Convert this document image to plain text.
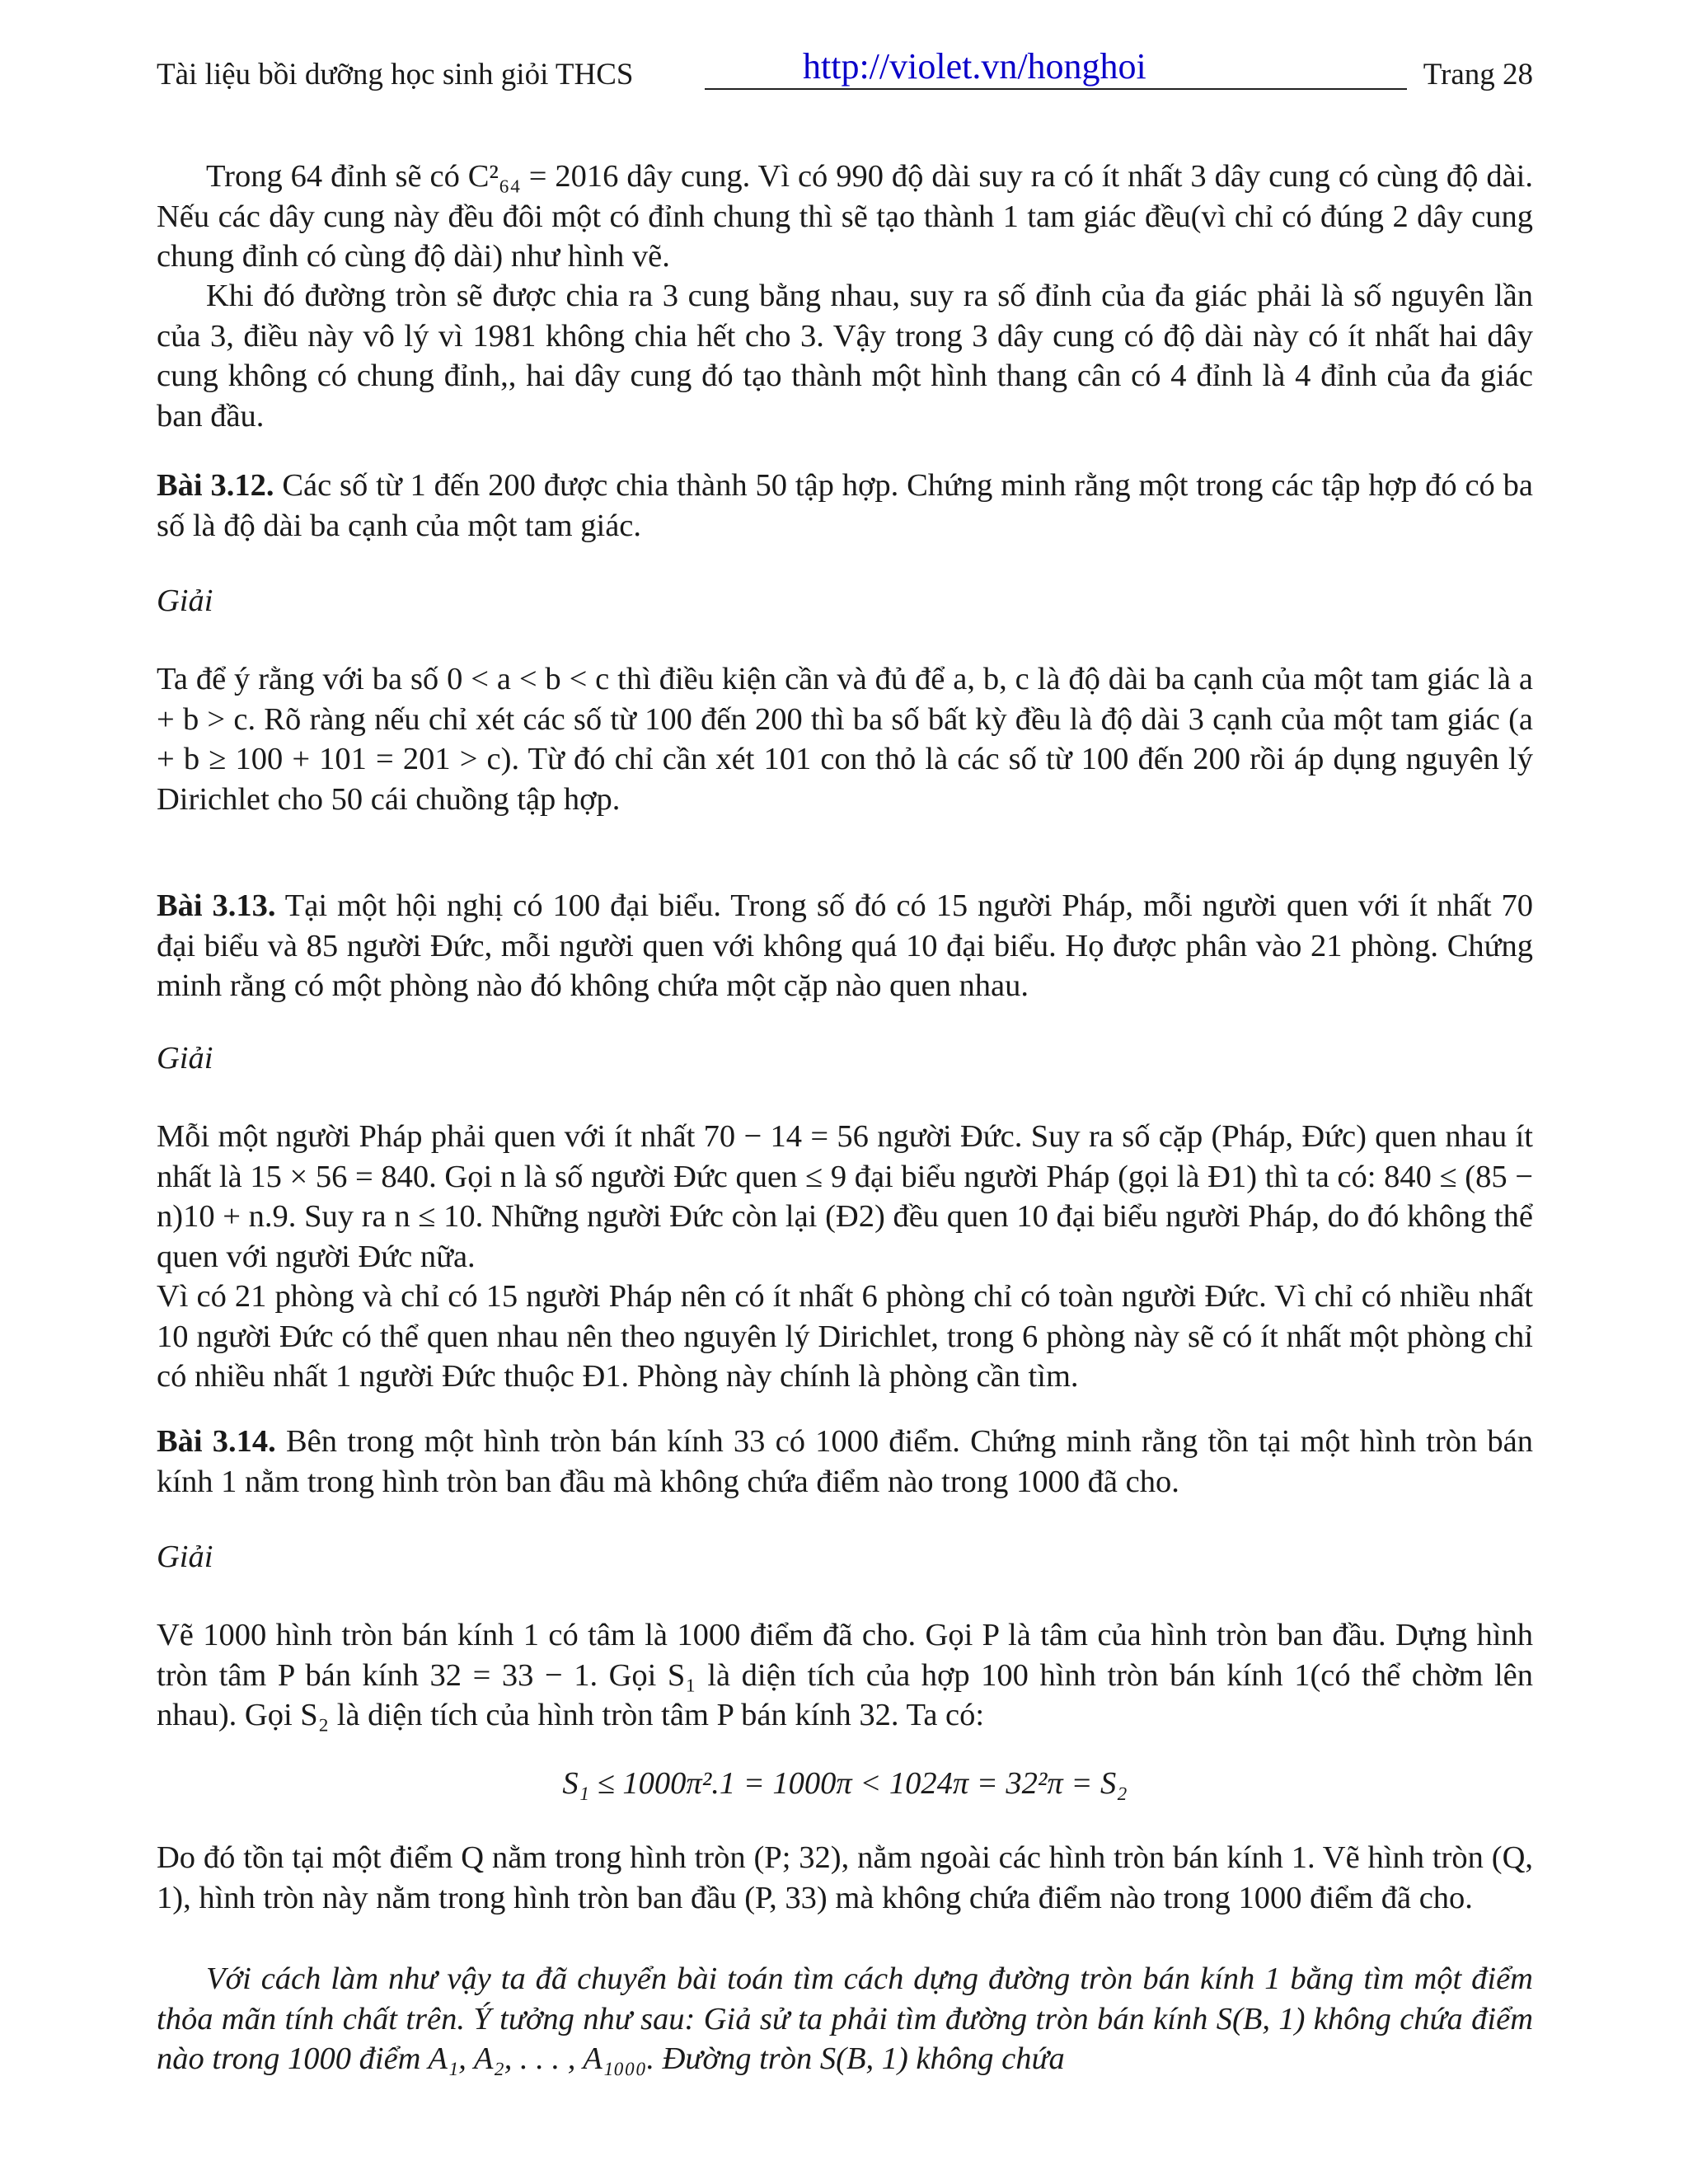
Tài liệu bồi dưỡng học sinh giỏi THCS	http://violet.vn/honghoi	Trang 28

Trong 64 đỉnh sẽ có C²₆₄ = 2016 dây cung. Vì có 990 độ dài suy ra có ít nhất 3 dây cung có cùng độ dài. Nếu các dây cung này đều đôi một có đỉnh chung thì sẽ tạo thành 1 tam giác đều(vì chỉ có đúng 2 dây cung chung đỉnh có cùng độ dài) như hình vẽ.

Khi đó đường tròn sẽ được chia ra 3 cung bằng nhau, suy ra số đỉnh của đa giác phải là số nguyên lần của 3, điều này vô lý vì 1981 không chia hết cho 3. Vậy trong 3 dây cung có độ dài này có ít nhất hai dây cung không có chung đỉnh,, hai dây cung đó tạo thành một hình thang cân có 4 đỉnh là 4 đỉnh của đa giác ban đầu.

Bài 3.12. Các số từ 1 đến 200 được chia thành 50 tập hợp. Chứng minh rằng một trong các tập hợp đó có ba số là độ dài ba cạnh của một tam giác.

Giải

Ta để ý rằng với ba số 0 < a < b < c thì điều kiện cần và đủ để a, b, c là độ dài ba cạnh của một tam giác là a + b > c. Rõ ràng nếu chỉ xét các số từ 100 đến 200 thì ba số bất kỳ đều là độ dài 3 cạnh của một tam giác (a + b ≥ 100 + 101 = 201 > c). Từ đó chỉ cần xét 101 con thỏ là các số từ 100 đến 200 rồi áp dụng nguyên lý Dirichlet cho 50 cái chuồng tập hợp.

Bài 3.13. Tại một hội nghị có 100 đại biểu. Trong số đó có 15 người Pháp, mỗi người quen với ít nhất 70 đại biểu và 85 người Đức, mỗi người quen với không quá 10 đại biểu. Họ được phân vào 21 phòng. Chứng minh rằng có một phòng nào đó không chứa một cặp nào quen nhau.

Giải

Mỗi một người Pháp phải quen với ít nhất 70 − 14 = 56 người Đức. Suy ra số cặp (Pháp, Đức) quen nhau ít nhất là 15 × 56 = 840. Gọi n là số người Đức quen ≤ 9 đại biểu người Pháp (gọi là Đ1) thì ta có: 840 ≤ (85 − n)10 + n.9. Suy ra n ≤ 10. Những người Đức còn lại (Đ2) đều quen 10 đại biểu người Pháp, do đó không thể quen với người Đức nữa.

Vì có 21 phòng và chỉ có 15 người Pháp nên có ít nhất 6 phòng chỉ có toàn người Đức. Vì chỉ có nhiều nhất 10 người Đức có thể quen nhau nên theo nguyên lý Dirichlet, trong 6 phòng này sẽ có ít nhất một phòng chỉ có nhiều nhất 1 người Đức thuộc Đ1. Phòng này chính là phòng cần tìm.

Bài 3.14. Bên trong một hình tròn bán kính 33 có 1000 điểm. Chứng minh rằng tồn tại một hình tròn bán kính 1 nằm trong hình tròn ban đầu mà không chứa điểm nào trong 1000 đã cho.

Giải

Vẽ 1000 hình tròn bán kính 1 có tâm là 1000 điểm đã cho. Gọi P là tâm của hình tròn ban đầu. Dựng hình tròn tâm P bán kính 32 = 33 − 1. Gọi S₁ là diện tích của hợp 100 hình tròn bán kính 1(có thể chờm lên nhau). Gọi S₂ là diện tích của hình tròn tâm P bán kính 32. Ta có:

S₁ ≤ 1000π².1 = 1000π < 1024π = 32²π = S₂

Do đó tồn tại một điểm Q nằm trong hình tròn (P; 32), nằm ngoài các hình tròn bán kính 1. Vẽ hình tròn (Q, 1), hình tròn này nằm trong hình tròn ban đầu (P, 33) mà không chứa điểm nào trong 1000 điểm đã cho.

Với cách làm như vậy ta đã chuyển bài toán tìm cách dựng đường tròn bán kính 1 bằng tìm một điểm thỏa mãn tính chất trên. Ý tưởng như sau: Giả sử ta phải tìm đường tròn bán kính S(B, 1) không chứa điểm nào trong 1000 điểm A₁, A₂, . . . , A₁₀₀₀. Đường tròn S(B, 1) không chứa
